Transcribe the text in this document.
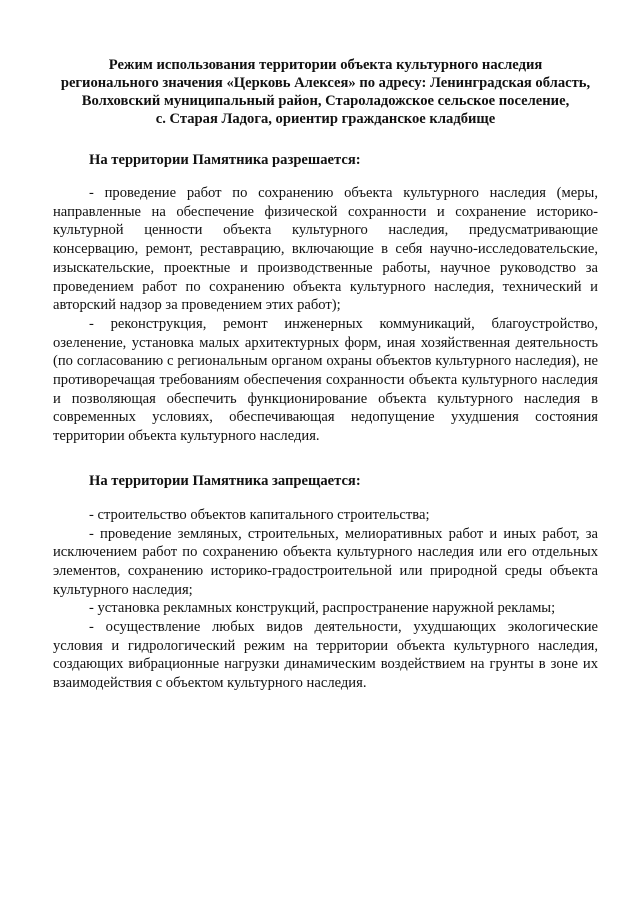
Режим использования территории объекта культурного наследия
регионального значения «Церковь Алексея» по адресу: Ленинградская область,
Волховский муниципальный район, Староладожское сельское поселение,
с. Старая Ладога, ориентир гражданское кладбище
На территории Памятника разрешается:
- проведение работ по сохранению объекта культурного наследия (меры, направленные на обеспечение физической сохранности и сохранение историко-культурной ценности объекта культурного наследия, предусматривающие консервацию, ремонт, реставрацию, включающие в себя научно-исследовательские, изыскательские, проектные и производственные работы, научное руководство за проведением работ по сохранению объекта культурного наследия, технический и авторский надзор за проведением этих работ);
- реконструкция, ремонт инженерных коммуникаций, благоустройство, озеленение, установка малых архитектурных форм, иная хозяйственная деятельность (по согласованию с региональным органом охраны объектов культурного наследия), не противоречащая требованиям обеспечения сохранности объекта культурного наследия и позволяющая обеспечить функционирование объекта культурного наследия в современных условиях, обеспечивающая недопущение ухудшения состояния территории объекта культурного наследия.
На территории Памятника запрещается:
- строительство объектов капитального строительства;
- проведение земляных, строительных, мелиоративных работ и иных работ, за исключением работ по сохранению объекта культурного наследия или его отдельных элементов, сохранению историко-градостроительной или природной среды объекта культурного наследия;
- установка рекламных конструкций, распространение наружной рекламы;
- осуществление любых видов деятельности, ухудшающих экологические условия и гидрологический режим на территории объекта культурного наследия, создающих вибрационные нагрузки динамическим воздействием на грунты в зоне их взаимодействия с объектом культурного наследия.
